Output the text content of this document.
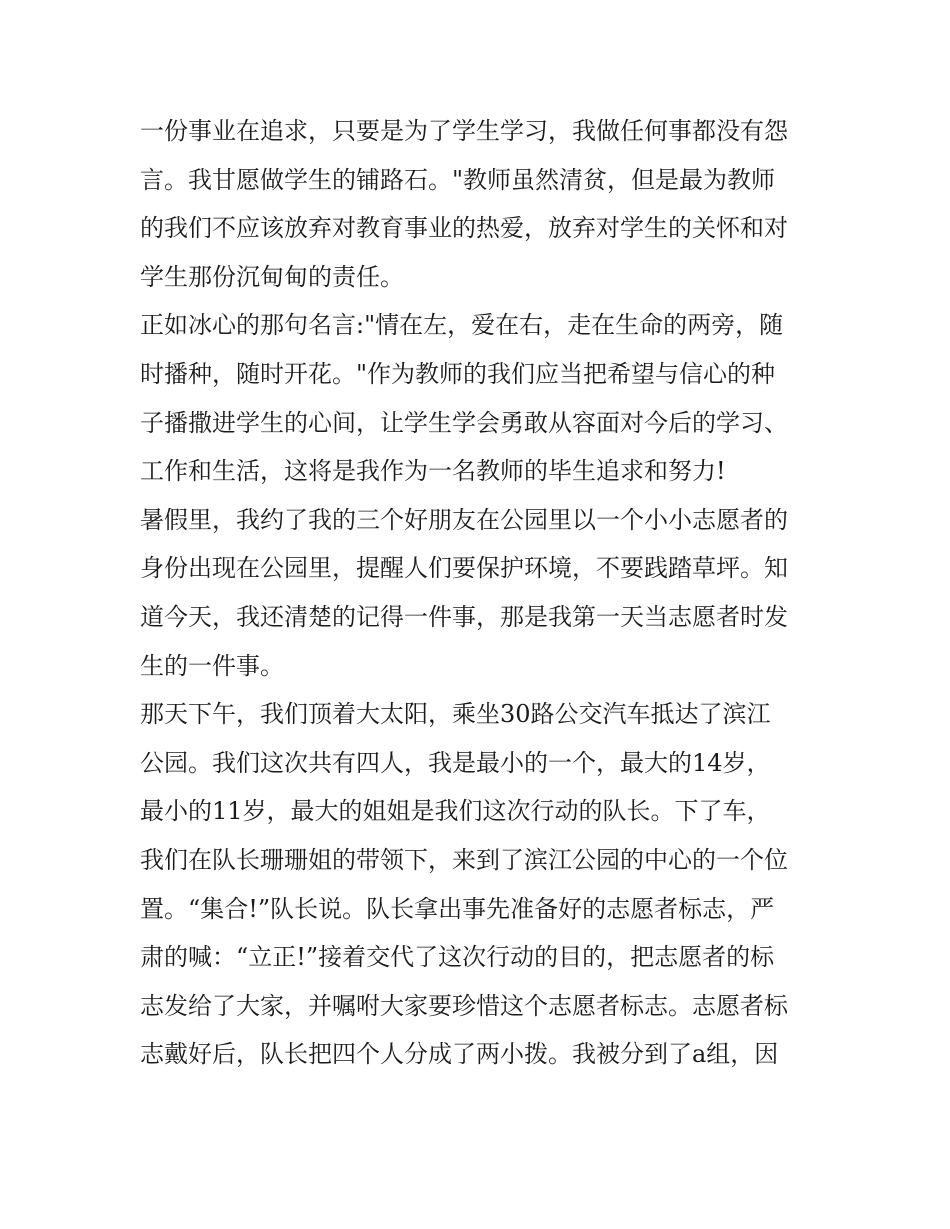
一份事业在追求，只要是为了学生学习，我做任何事都没有怨
言。我甘愿做学生的铺路石。"教师虽然清贫，但是最为教师
的我们不应该放弃对教育事业的热爱，放弃对学生的关怀和对
学生那份沉甸甸的责任。
正如冰心的那句名言:"情在左，爱在右，走在生命的两旁，随
时播种，随时开花。"作为教师的我们应当把希望与信心的种
子播撒进学生的心间，让学生学会勇敢从容面对今后的学习、
工作和生活，这将是我作为一名教师的毕生追求和努力!
暑假里，我约了我的三个好朋友在公园里以一个小小志愿者的
身份出现在公园里，提醒人们要保护环境，不要践踏草坪。知
道今天，我还清楚的记得一件事，那是我第一天当志愿者时发
生的一件事。
那天下午，我们顶着大太阳，乘坐30路公交汽车抵达了滨江
公园。我们这次共有四人，我是最小的一个，最大的14岁，
最小的11岁，最大的姐姐是我们这次行动的队长。下了车，
我们在队长珊珊姐的带领下，来到了滨江公园的中心的一个位
置。“集合!”队长说。队长拿出事先准备好的志愿者标志，严
肃的喊：“立正!”接着交代了这次行动的目的，把志愿者的标
志发给了大家，并嘱咐大家要珍惜这个志愿者标志。志愿者标
志戴好后，队长把四个人分成了两小拨。我被分到了a组，因
